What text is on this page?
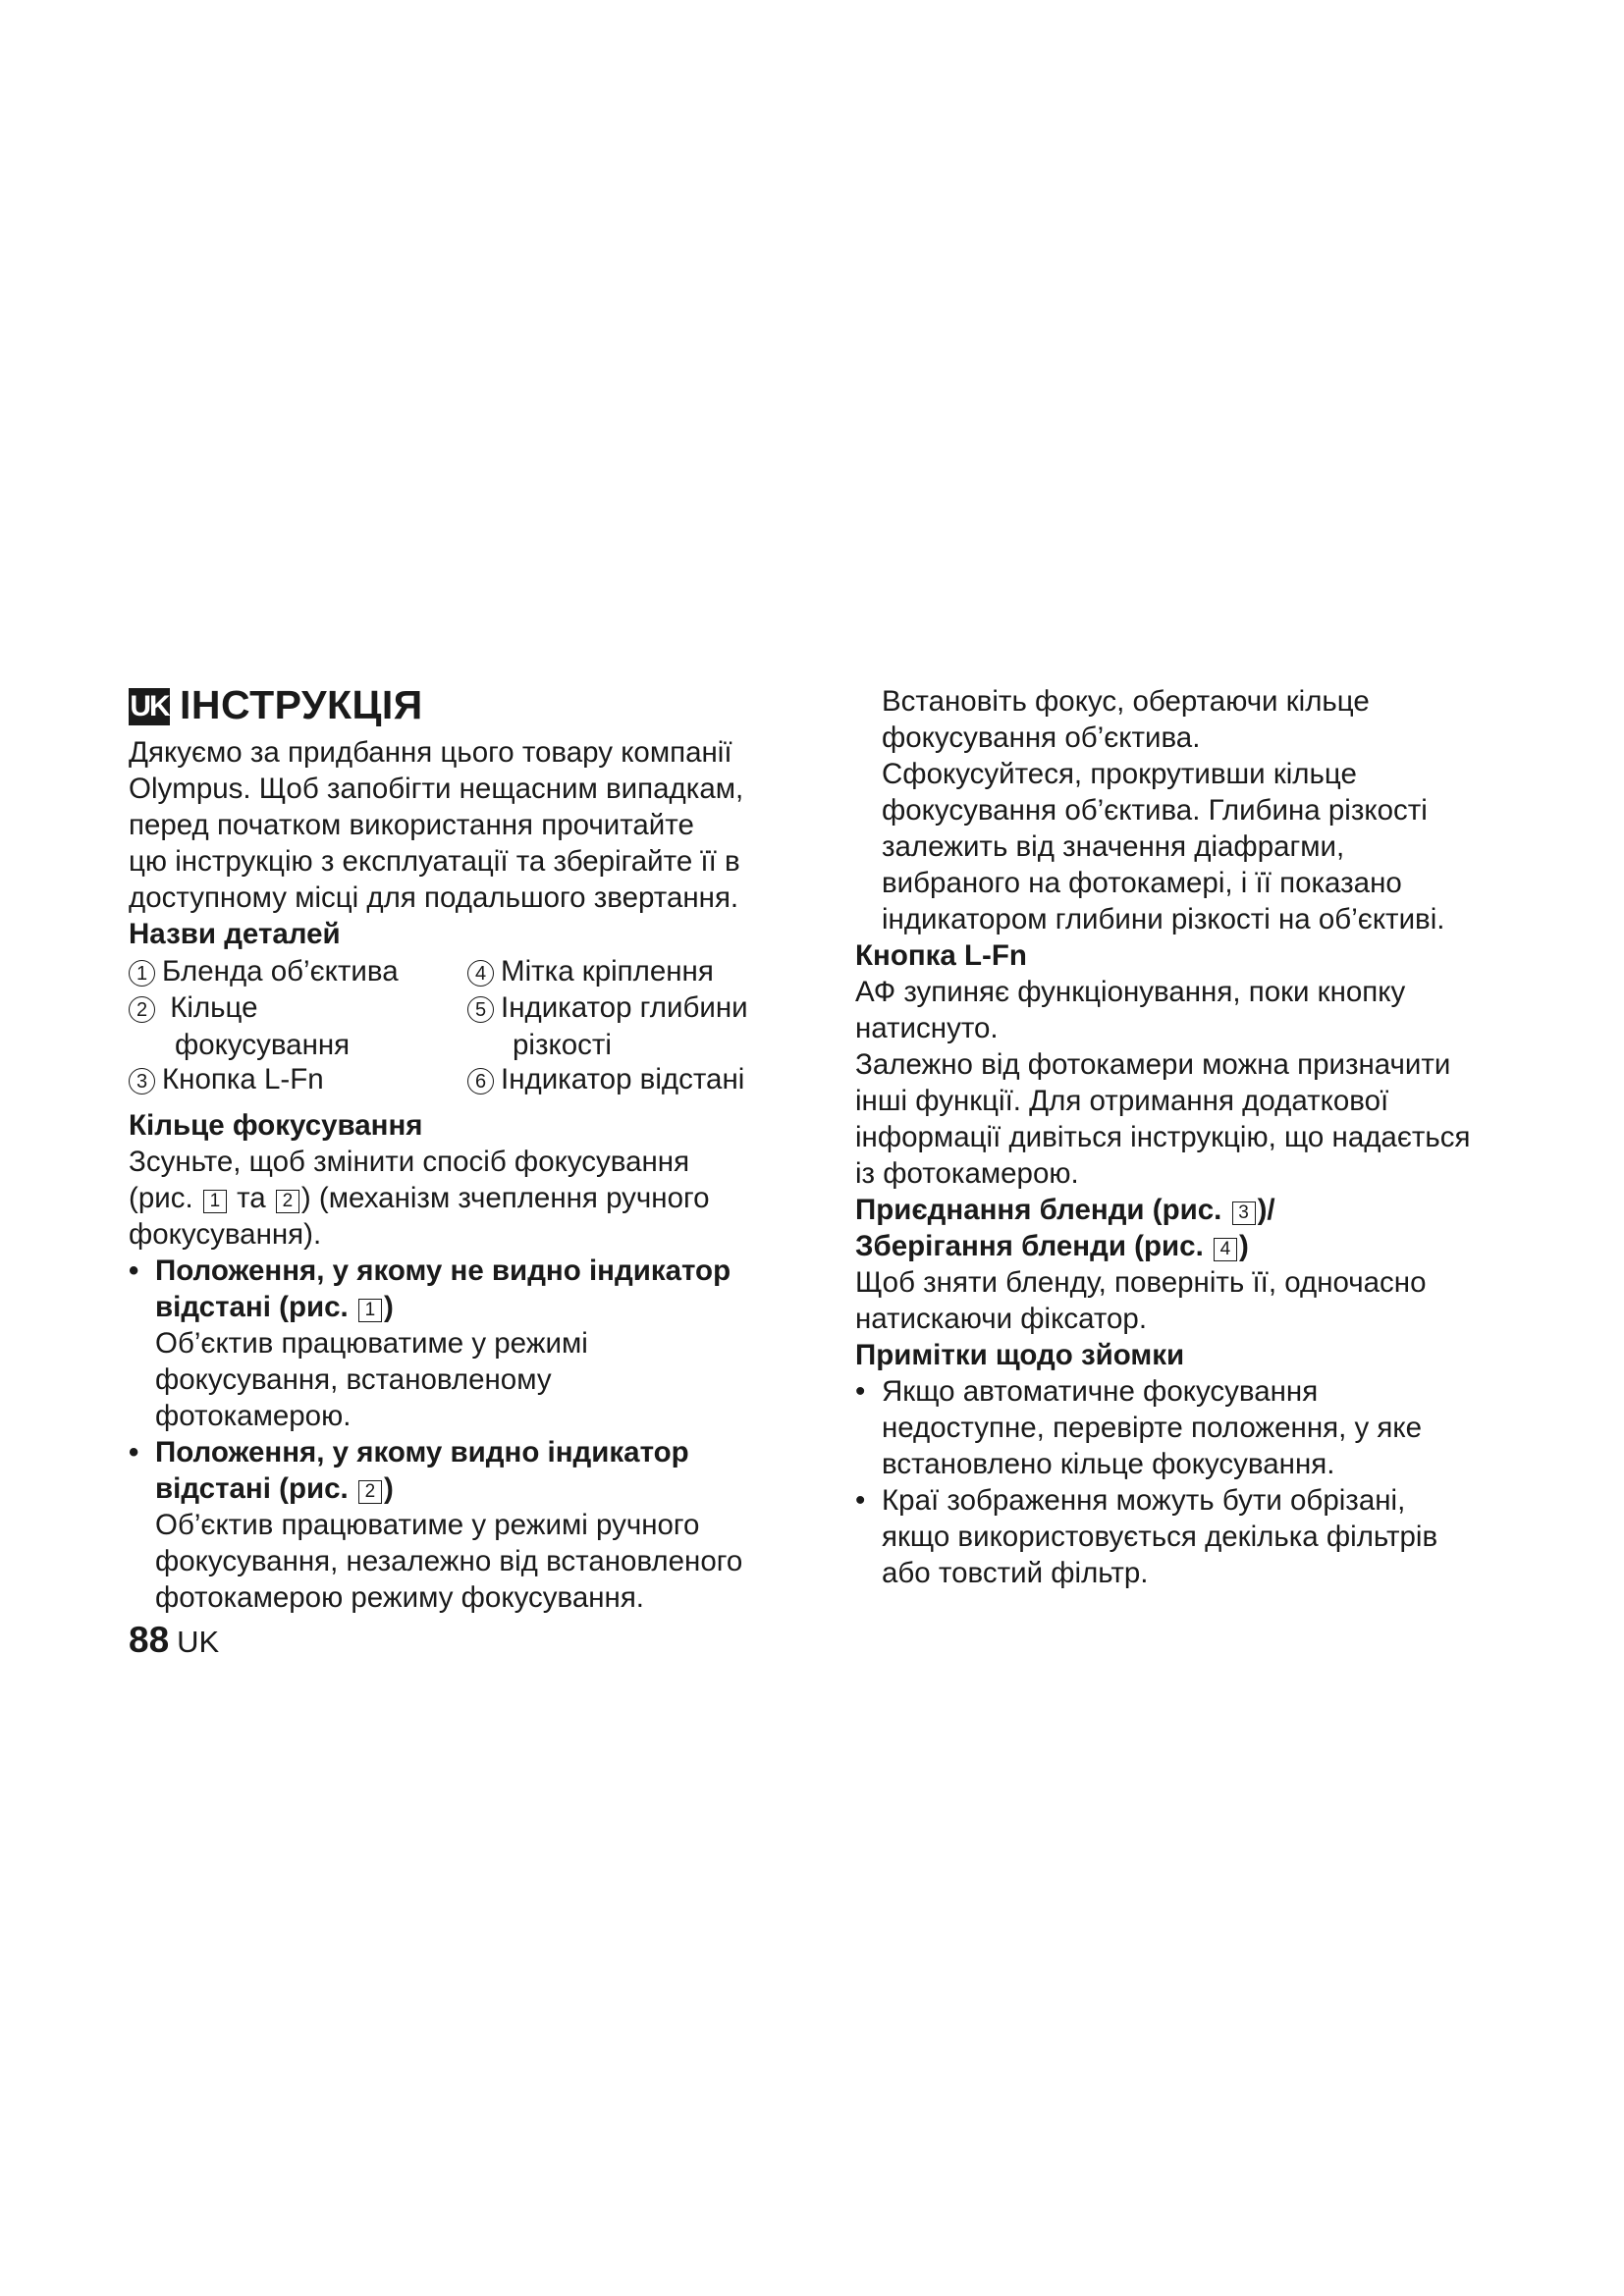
UK ІНСТРУКЦІЯ
Дякуємо за придбання цього товару компанії
Olympus. Щоб запобігти нещасним випадкам,
перед початком використання прочитайте
цю інструкцію з експлуатації та зберігайте її в
доступному місці для подальшого звертання.
Назви деталей
1 Бленда об’єктива
2 Кільце
фокусування
3 Кнопка L-Fn
4 Мітка кріплення
5 Індикатор глибини
різкості
6 Індикатор відстані
Кільце фокусування
Зсуньте, щоб змінити спосіб фокусування
(рис. 1 та 2 ) (механізм зчеплення ручного
фокусування).
• Положення, у якому не видно індикатор
відстані (рис. 1 )
Об’єктив працюватиме у режимі
фокусування, встановленому
фотокамерою.
• Положення, у якому видно індикатор
відстані (рис. 2 )
Об’єктив працюватиме у режимі ручного
фокусування, незалежно від встановленого
фотокамерою режиму фокусування.
88 UK
Встановіть фокус, обертаючи кільце
фокусування об’єктива.
Сфокусуйтеся, прокрутивши кільце
фокусування об’єктива. Глибина різкості
залежить від значення діафрагми,
вибраного на фотокамері, і її показано
індикатором глибини різкості на об’єктиві.
Кнопка L-Fn
АФ зупиняє функціонування, поки кнопку
натиснуто.
Залежно від фотокамери можна призначити
інші функції. Для отримання додаткової
інформації дивіться інструкцію, що надається
із фотокамерою.
Приєднання бленди (рис. 3 )/
Зберігання бленди (рис. 4 )
Щоб зняти бленду, поверніть її, одночасно
натискаючи фіксатор.
Примітки щодо зйомки
• Якщо автоматичне фокусування
недоступне, перевірте положення, у яке
встановлено кільце фокусування.
• Краї зображення можуть бути обрізані,
якщо використовується декілька фільтрів
або товстий фільтр.
